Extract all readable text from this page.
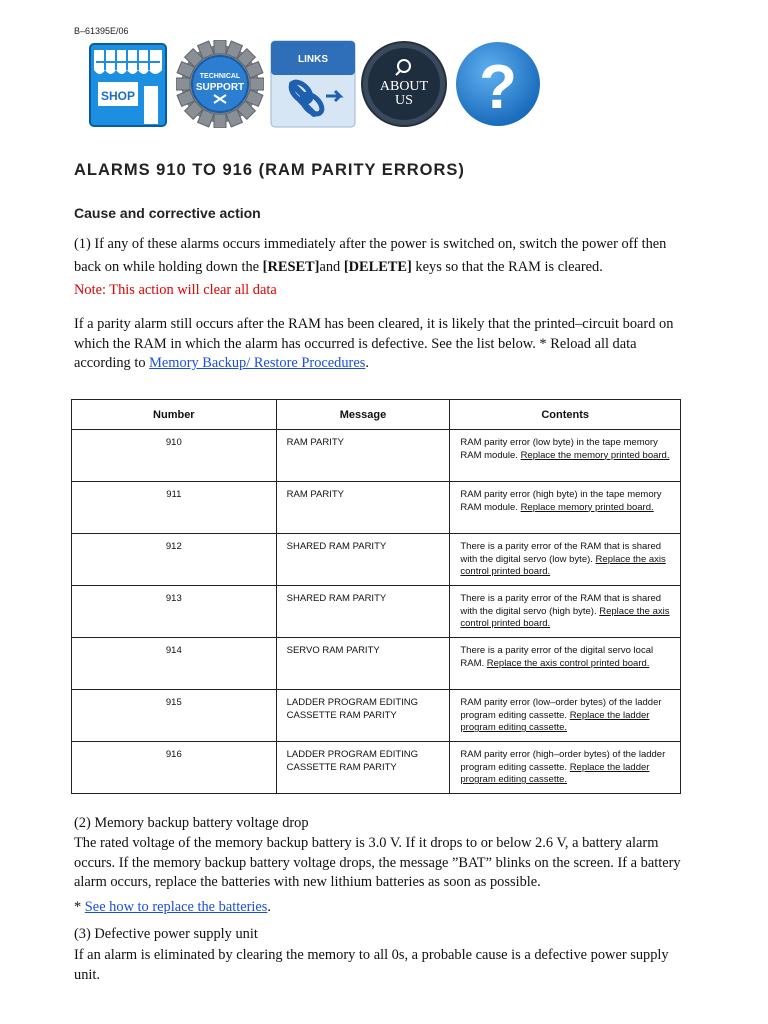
B–61395E/06
SHOP
TECHNICAL
SUPPORT
LINKS
ABOUT
US ?
ALARMS 910 TO 916 (RAM PARITY ERRORS)
Cause and corrective action

(1) If any of these alarms occurs immediately after the power is switched on, switch the power off then back on while holding down the [RESET]and [DELETE] keys so that the RAM is cleared.
Note: This action will clear all data

If a parity alarm still occurs after the RAM has been cleared, it is likely that the printed–circuit board on which the RAM in which the alarm has occurred is defective. See the list below. * Reload all data according to Memory Backup/ Restore Procedures.

Number	Message	Contents
910	RAM PARITY	RAM parity error (low byte) in the tape memory RAM module. Replace the memory printed board.
911	RAM PARITY	RAM parity error (high byte) in the tape memory RAM module. Replace memory printed board.
912	SHARED RAM PARITY	There is a parity error of the RAM that is shared with the digital servo (low byte). Replace the axis control printed board.
913	SHARED RAM PARITY	There is a parity error of the RAM that is shared with the digital servo (high byte). Replace the axis control printed board.
914	SERVO RAM PARITY	There is a parity error of the digital servo local RAM. Replace the axis control printed board.
915	LADDER PROGRAM EDITING CASSETTE RAM PARITY	RAM parity error (low–order bytes) of the ladder program editing cassette. Replace the ladder program editing cassette.
916	LADDER PROGRAM EDITING CASSETTE RAM PARITY	RAM parity error (high–order bytes) of the ladder program editing cassette. Replace the ladder program editing cassette.

(2) Memory backup battery voltage drop

The rated voltage of the memory backup battery is 3.0 V. If it drops to or below 2.6 V, a battery alarm occurs. If the memory backup battery voltage drops, the message ”BAT” blinks on the screen. If a battery alarm occurs, replace the batteries with new lithium batteries as soon as possible.

* See how to replace the batteries.

(3) Defective power supply unit

If an alarm is eliminated by clearing the memory to all 0s, a probable cause is a defective power supply unit.
